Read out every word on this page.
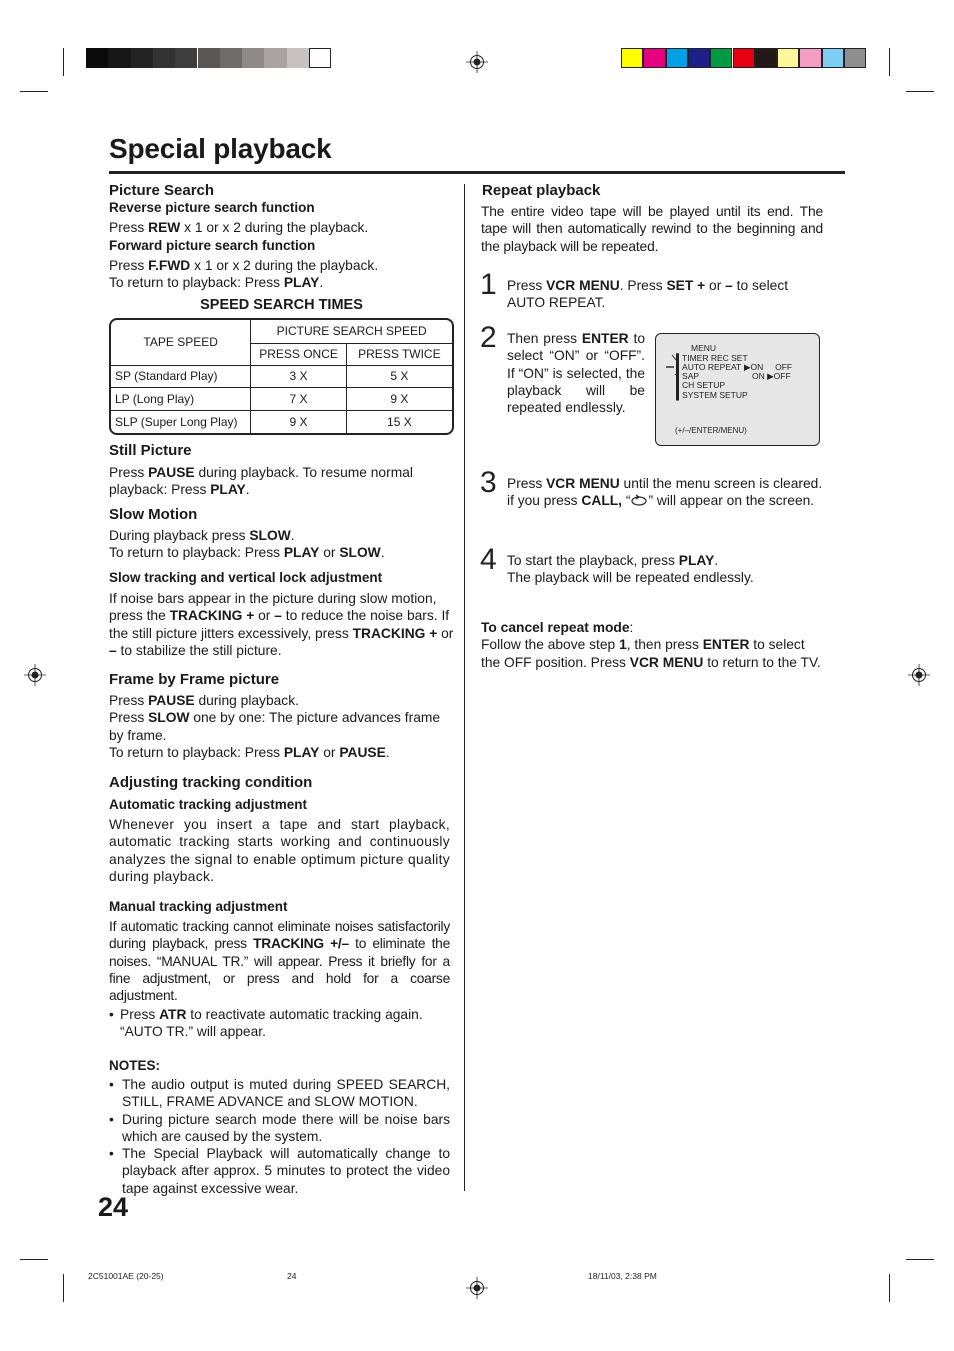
Special playback
Picture Search
Reverse picture search function
Press REW x 1 or x 2 during the playback.
Forward picture search function
Press F.FWD x 1 or x 2 during the playback.
To return to playback: Press PLAY.
SPEED SEARCH TIMES
TAPE SPEED	PICTURE SEARCH SPEED	
	PRESS ONCE	PRESS TWICE
SP (Standard Play)	3 X	5 X
LP (Long Play)	7 X	9 X
SLP (Super Long Play)	9 X	15 X
Still Picture
Press PAUSE during playback. To resume normal playback: Press PLAY.
Slow Motion
During playback press SLOW.
To return to playback: Press PLAY or SLOW.
Slow tracking and vertical lock adjustment
If noise bars appear in the picture during slow motion, press the TRACKING + or – to reduce the noise bars. If the still picture jitters excessively, press TRACKING + or – to stabilize the still picture.
Frame by Frame picture
Press PAUSE during playback.
Press SLOW one by one: The picture advances frame by frame.
To return to playback: Press PLAY or PAUSE.
Adjusting tracking condition
Automatic tracking adjustment
Whenever you insert a tape and start playback, automatic tracking starts working and continuously analyzes the signal to enable optimum picture quality during playback.
Manual tracking adjustment
If automatic tracking cannot eliminate noises satisfactorily during playback, press TRACKING +/– to eliminate the noises. “MANUAL TR.” will appear. Press it briefly for a fine adjustment, or press and hold for a coarse adjustment.
• Press ATR to reactivate automatic tracking again. “AUTO TR.” will appear.
NOTES:
• The audio output is muted during SPEED SEARCH, STILL, FRAME ADVANCE and SLOW MOTION.
• During picture search mode there will be noise bars which are caused by the system.
• The Special Playback will automatically change to playback after approx. 5 minutes to protect the video tape against excessive wear.
24
Repeat playback
The entire video tape will be played until its end. The tape will then automatically rewind to the beginning and the playback will be repeated.
1 Press VCR MENU. Press SET + or – to select AUTO REPEAT.
2 Then press ENTER to select “ON” or “OFF”. If “ON” is selected, the playback will be repeated endlessly.
MENU
▌TIMER REC SET
▌AUTO REPEAT
▌SAP
▌CH SETUP
▌SYSTEM SETUP
▶ON OFF
ON ▶OFF
(+/–/ENTER/MENU)
3 Press VCR MENU until the menu screen is cleared.
if you press CALL, “ ” will appear on the screen.
4 To start the playback, press PLAY.
The playback will be repeated endlessly.
To cancel repeat mode:
Follow the above step 1, then press ENTER to select the OFF position. Press VCR MENU to return to the TV.
2C51001AE (20-25)	24	18/11/03, 2:38 PM
